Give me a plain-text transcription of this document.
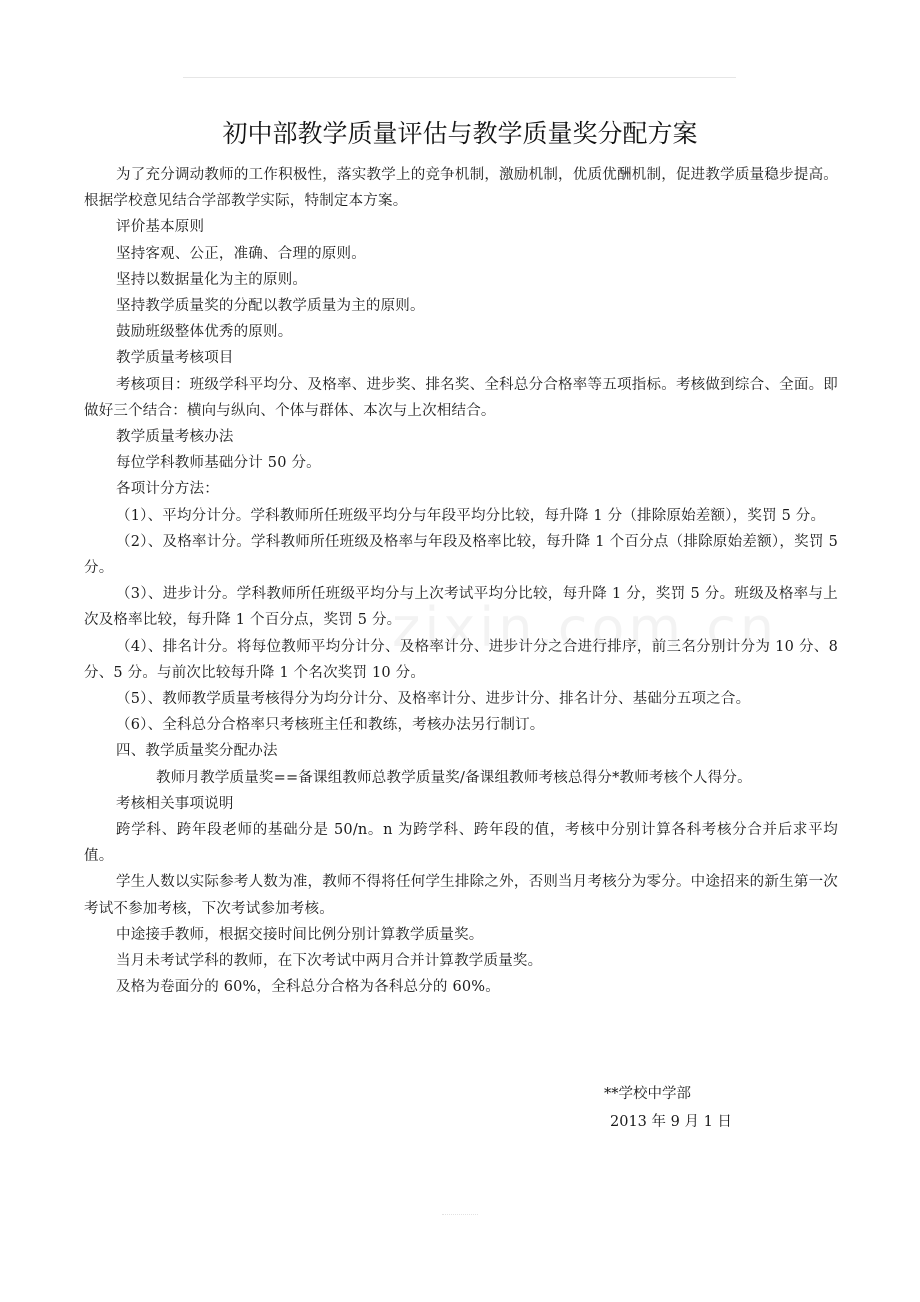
初中部教学质量评估与教学质量奖分配方案

为了充分调动教师的工作积极性，落实教学上的竞争机制，激励机制，优质优酬机制，促进教学质量稳步提高。根据学校意见结合学部教学实际，特制定本方案。

评价基本原则

坚持客观、公正，准确、合理的原则。

坚持以数据量化为主的原则。

坚持教学质量奖的分配以教学质量为主的原则。

鼓励班级整体优秀的原则。

教学质量考核项目

考核项目：班级学科平均分、及格率、进步奖、排名奖、全科总分合格率等五项指标。考核做到综合、全面。即做好三个结合：横向与纵向、个体与群体、本次与上次相结合。

教学质量考核办法

每位学科教师基础分计 50 分。

各项计分方法：

（1）、平均分计分。学科教师所任班级平均分与年段平均分比较，每升降 1 分（排除原始差额），奖罚 5 分。

（2）、及格率计分。学科教师所任班级及格率与年段及格率比较，每升降 1 个百分点（排除原始差额），奖罚 5 分。

（3）、进步计分。学科教师所任班级平均分与上次考试平均分比较，每升降 1 分，奖罚 5 分。班级及格率与上次及格率比较，每升降 1 个百分点，奖罚 5 分。

（4）、排名计分。将每位教师平均分计分、及格率计分、进步计分之合进行排序，前三名分别计分为 10 分、8 分、5 分。与前次比较每升降 1 个名次奖罚 10 分。

（5）、教师教学质量考核得分为均分计分、及格率计分、进步计分、排名计分、基础分五项之合。

（6）、全科总分合格率只考核班主任和教练，考核办法另行制订。

四、教学质量奖分配办法

教师月教学质量奖==备课组教师总教学质量奖/备课组教师考核总得分*教师考核个人得分。

考核相关事项说明

跨学科、跨年段老师的基础分是 50/n。n 为跨学科、跨年段的值，考核中分别计算各科考核分合并后求平均值。

学生人数以实际参考人数为准，教师不得将任何学生排除之外，否则当月考核分为零分。中途招来的新生第一次考试不参加考核，下次考试参加考核。

中途接手教师，根据交接时间比例分别计算教学质量奖。

当月未考试学科的教师，在下次考试中两月合并计算教学质量奖。

及格为卷面分的 60%，全科总分合格为各科总分的 60%。

**学校中学部
2013 年 9 月 1 日
